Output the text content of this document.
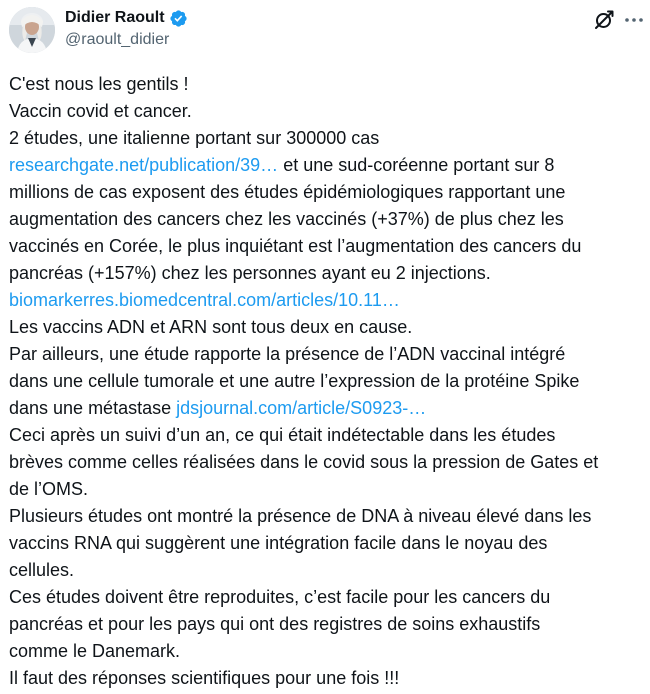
Didier Raoult
@raoult_didier
C'est nous les gentils !
Vaccin covid et cancer.
2 études, une italienne portant sur 300000 cas
researchgate.net/publication/39… et une sud-coréenne portant sur 8
millions de cas exposent des études épidémiologiques rapportant une
augmentation des cancers chez les vaccinés (+37%) de plus chez les
vaccinés en Corée, le plus inquiétant est l’augmentation des cancers du
pancréas (+157%) chez les personnes ayant eu 2 injections.
biomarkerres.biomedcentral.com/articles/10.11…
Les vaccins ADN et ARN sont tous deux en cause.
Par ailleurs, une étude rapporte la présence de l’ADN vaccinal intégré
dans une cellule tumorale et une autre l’expression de la protéine Spike
dans une métastase jdsjournal.com/article/S0923-…
Ceci après un suivi d’un an, ce qui était indétectable dans les études
brèves comme celles réalisées dans le covid sous la pression de Gates et
de l’OMS.
Plusieurs études ont montré la présence de DNA à niveau élevé dans les
vaccins RNA qui suggèrent une intégration facile dans le noyau des
cellules.
Ces études doivent être reproduites, c’est facile pour les cancers du
pancréas et pour les pays qui ont des registres de soins exhaustifs
comme le Danemark.
Il faut des réponses scientifiques pour une fois !!!
